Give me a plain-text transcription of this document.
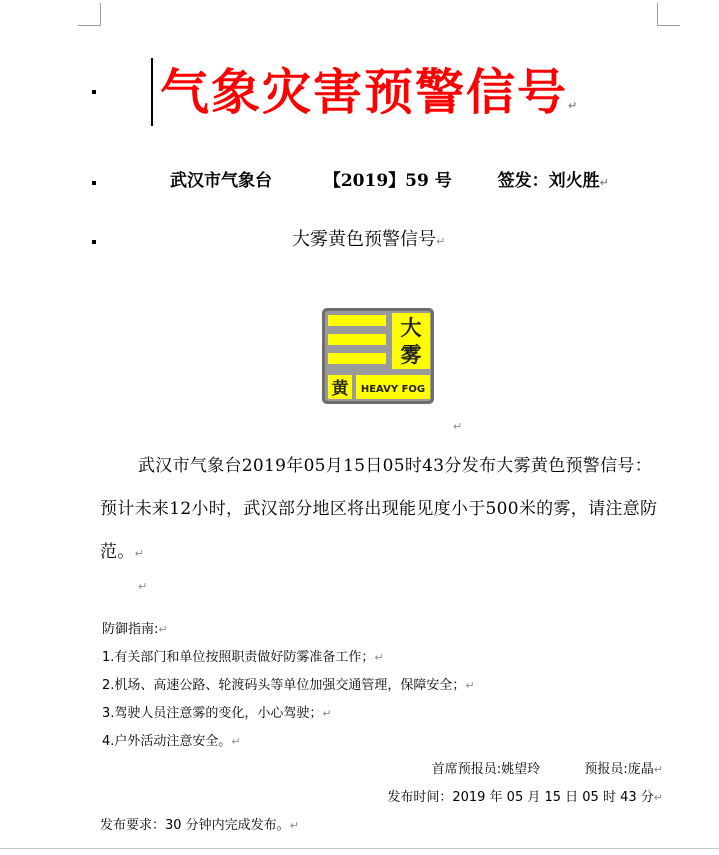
气象灾害预警信号↵
武汉市气象台	【2019】59 号	签发：刘火胜↵
大雾黄色预警信号↵
大
雾
黄 HEAVY FOG
↵
武汉市气象台2019年05月15日05时43分发布大雾黄色预警信号：预计未来12小时，武汉部分地区将出现能见度小于500米的雾，请注意防范。↵
↵
防御指南:↵
1.有关部门和单位按照职责做好防雾准备工作；↵
2.机场、高速公路、轮渡码头等单位加强交通管理，保障安全；↵
3.驾驶人员注意雾的变化，小心驾驶；↵
4.户外活动注意安全。↵
首席预报员:姚望玲	预报员:庞晶↵
发布时间：2019 年 05 月 15 日 05 时 43 分↵
发布要求：30 分钟内完成发布。↵
